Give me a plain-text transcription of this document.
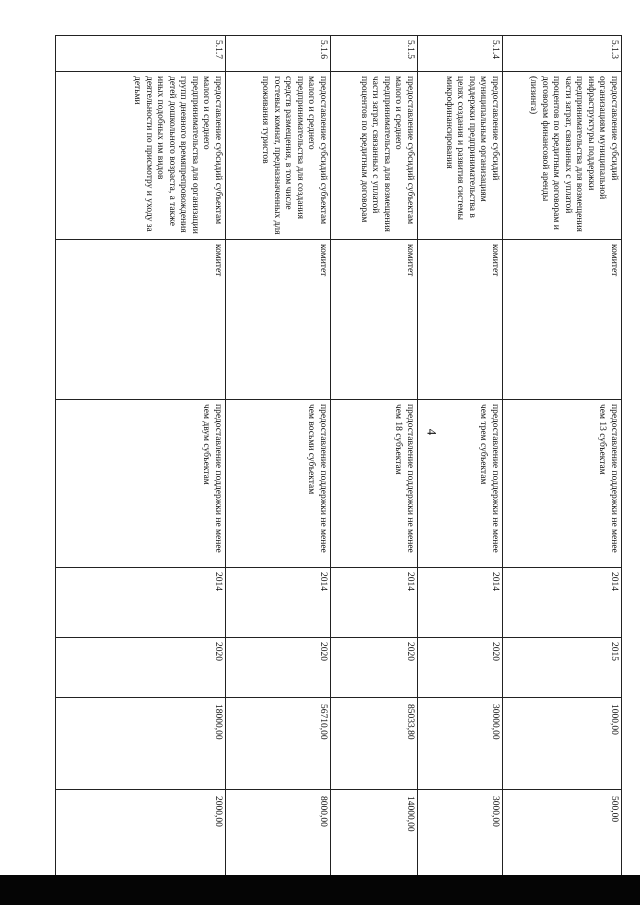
4
5.1.3	предоставление субсидий организациям муниципальной инфраструктуры поддержки предпринимательства для возмещения части затрат, связанных с уплатой процентов по кредитным договорам и договорам финансовой аренды (лизинга)	комитет	предоставление поддержки не менее чем 13 субъектам	2014	2015	1000,00	500,00
5.1.4	предоставление субсидий муниципальным организациям поддержки предпринимательства в целях создания и развития системы микрофинансирования	комитет	предоставление поддержки не менее чем трем субъектам	2014	2020	30000,00	3000,00
5.1.5	предоставление субсидий субъектам малого и среднего предпринимательства для возмещения части затрат, связанных с уплатой процентов по кредитным договорам	комитет	предоставление поддержки не менее чем 18 субъектам	2014	2020	85033,80	14000,00
5.1.6	предоставление субсидий субъектам малого и среднего предпринимательства для создания средств размещения, в том числе гостевых комнат, предназначенных для проживания туристов	комитет	предоставление поддержки не менее чем восьми субъектам	2014	2020	56710,00	8000,00
5.1.7	предоставление субсидий субъектам малого и среднего предпринимательства для организации групп дневного времяпрепровождения детей дошкольного возраста, а также иных подобных им видов деятельности по присмотру и уходу за детьми	комитет	предоставление поддержки не менее чем двум субъектам	2014	2020	18000,00	2000,00
